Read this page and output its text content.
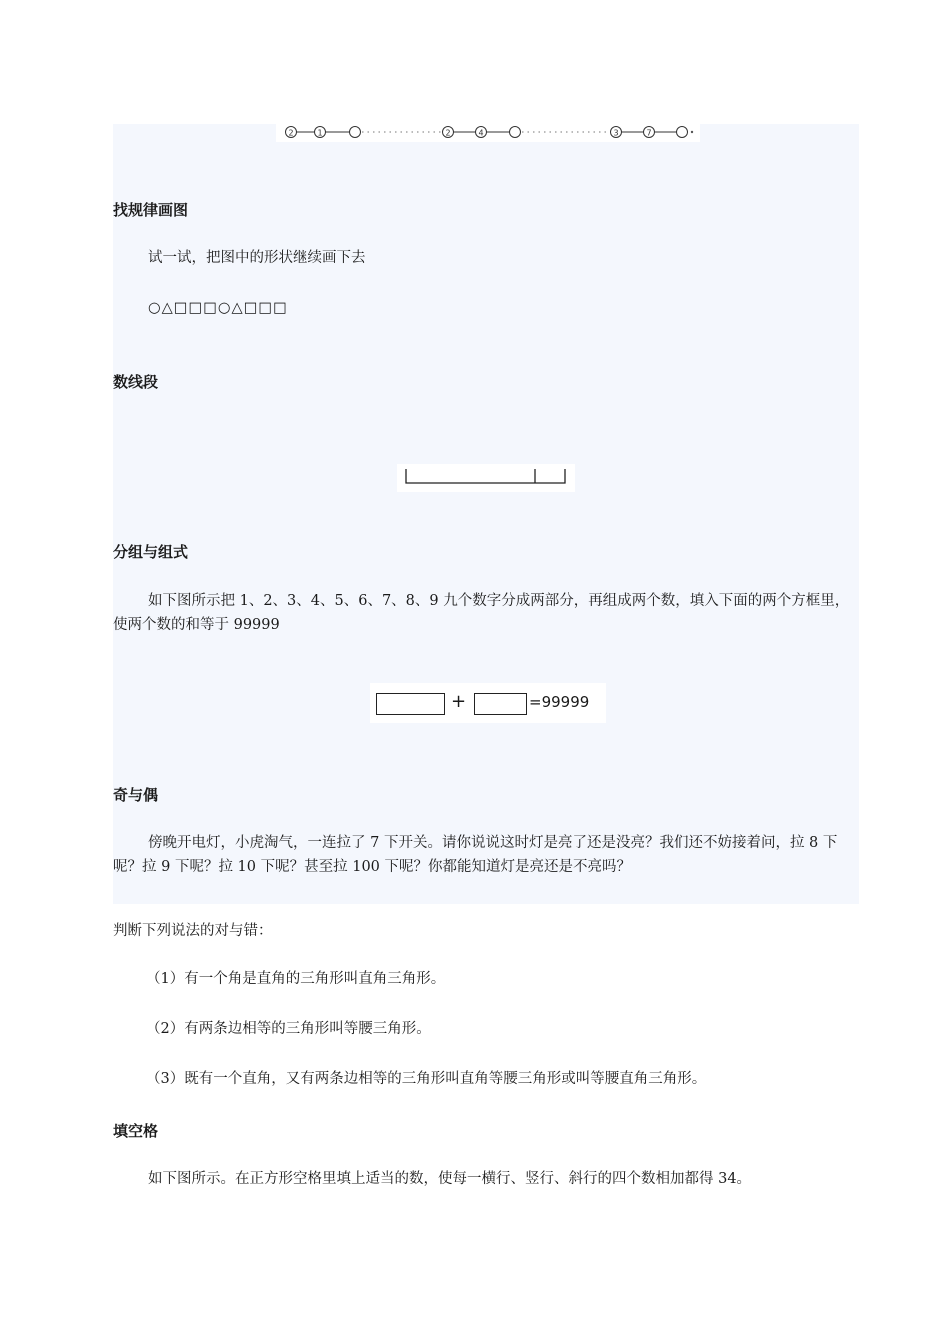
2	1	2	4	3	7
找规律画图
试一试，把图中的形状继续画下去
○△□□□○△□□□
数线段
分组与组式
如下图所示把 1、2、3、4、5、6、7、8、9 九个数字分成两部分，再组成两个数，填入下面的两个方框里，使两个数的和等于 99999
+	=99999
奇与偶
傍晚开电灯，小虎淘气，一连拉了 7 下开关。请你说说这时灯是亮了还是没亮？我们还不妨接着问，拉 8 下呢？拉 9 下呢？拉 10 下呢？甚至拉 100 下呢？你都能知道灯是亮还是不亮吗？
判断下列说法的对与错：
（1）有一个角是直角的三角形叫直角三角形。
（2）有两条边相等的三角形叫等腰三角形。
（3）既有一个直角，又有两条边相等的三角形叫直角等腰三角形或叫等腰直角三角形。
填空格
如下图所示。在正方形空格里填上适当的数，使每一横行、竖行、斜行的四个数相加都得 34。
